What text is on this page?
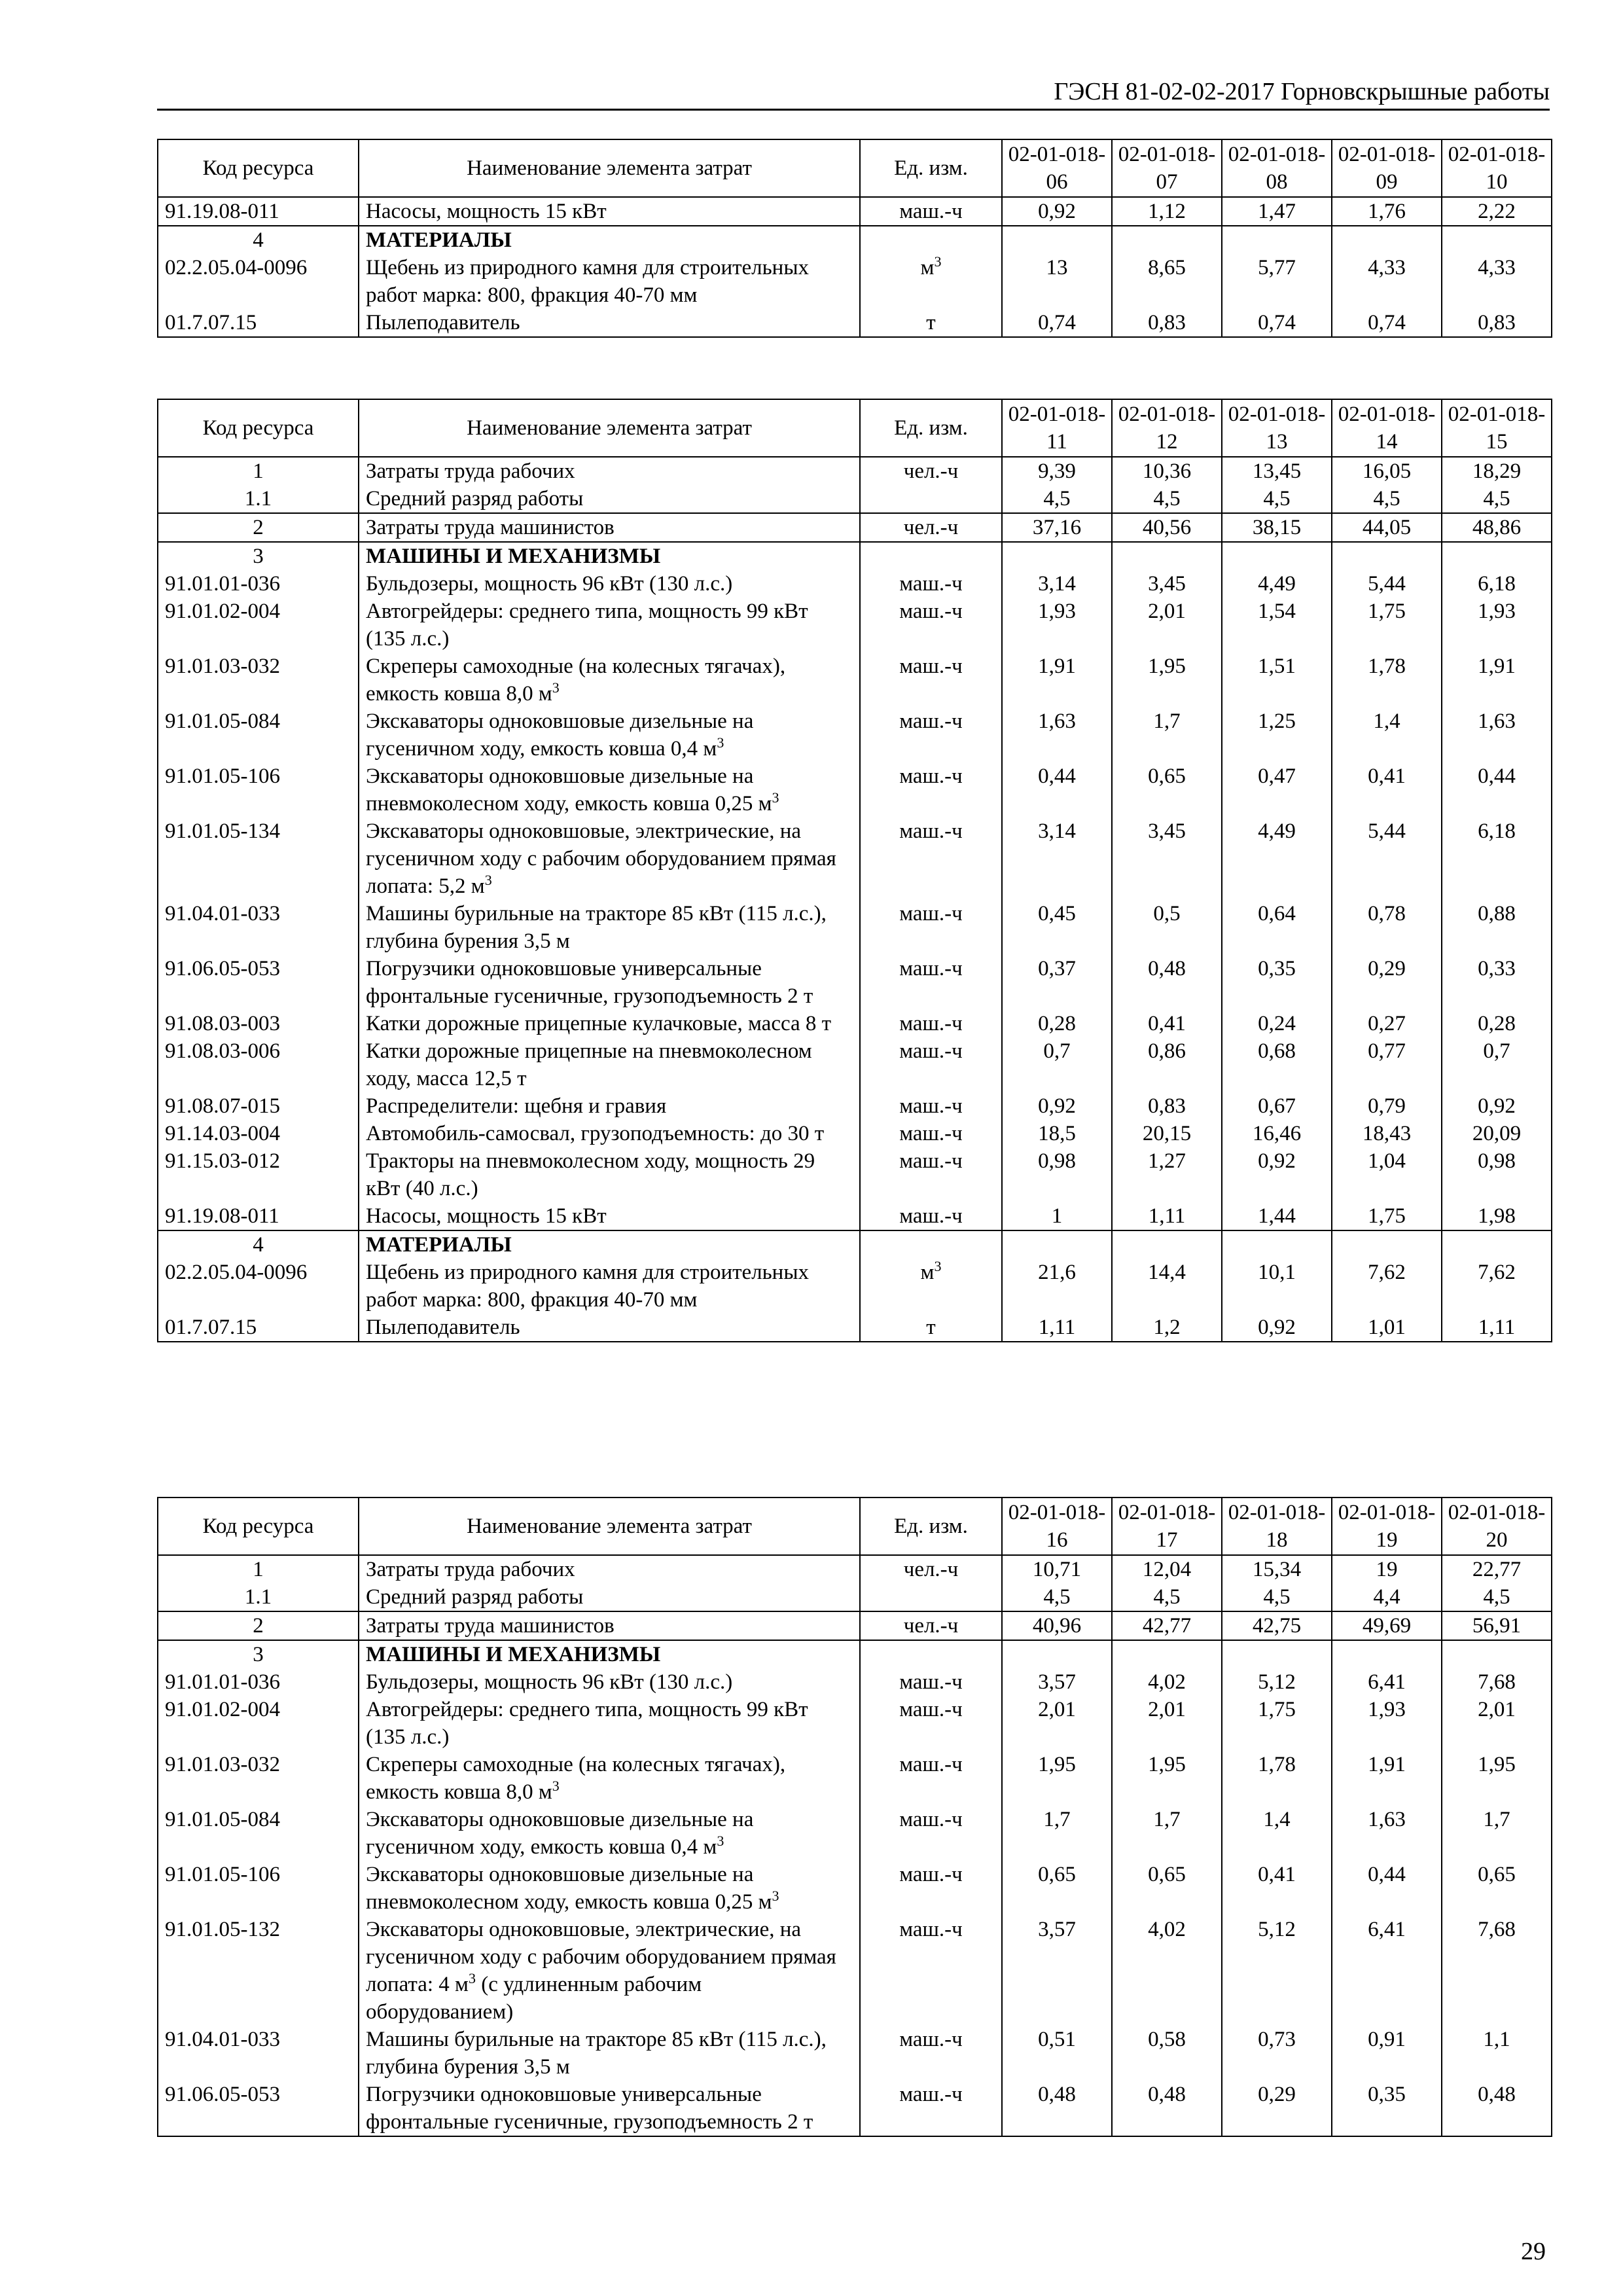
ГЭСН 81-02-02-2017 Горновскрышные работы
Код ресурса	Наименование элемента затрат	Ед. изм.	02-01-018-06	02-01-018-07	02-01-018-08	02-01-018-09	02-01-018-10
91.19.08-011	Насосы, мощность 15 кВт	маш.-ч	0,92	1,12	1,47	1,76	2,22
4	МАТЕРИАЛЫ						
02.2.05.04-0096	Щебень из природного камня для строительных работ марка: 800, фракция 40-70 мм	$м^3$	13	8,65	5,77	4,33	4,33
01.7.07.15	Пылеподавитель	т	0,74	0,83	0,74	0,74	0,83
Код ресурса	Наименование элемента затрат	Ед. изм.	02-01-018-11	02-01-018-12	02-01-018-13	02-01-018-14	02-01-018-15
1	Затраты труда рабочих	чел.-ч	9,39	10,36	13,45	16,05	18,29
1.1	Средний разряд работы		4,5	4,5	4,5	4,5	4,5
2	Затраты труда машинистов	чел.-ч	37,16	40,56	38,15	44,05	48,86
3	МАШИНЫ И МЕХАНИЗМЫ						
91.01.01-036	Бульдозеры, мощность 96 кВт (130 л.с.)	маш.-ч	3,14	3,45	4,49	5,44	6,18
91.01.02-004	Автогрейдеры: среднего типа, мощность 99 кВт (135 л.с.)	маш.-ч	1,93	2,01	1,54	1,75	1,93
91.01.03-032	Скреперы самоходные (на колесных тягачах), емкость ковша 8,0 $м^3$	маш.-ч	1,91	1,95	1,51	1,78	1,91
91.01.05-084	Экскаваторы одноковшовые дизельные на гусеничном ходу, емкость ковша 0,4 $м^3$	маш.-ч	1,63	1,7	1,25	1,4	1,63
91.01.05-106	Экскаваторы одноковшовые дизельные на пневмоколесном ходу, емкость ковша 0,25 $м^3$	маш.-ч	0,44	0,65	0,47	0,41	0,44
91.01.05-134	Экскаваторы одноковшовые, электрические, на гусеничном ходу с рабочим оборудованием прямая лопата: 5,2 $м^3$	маш.-ч	3,14	3,45	4,49	5,44	6,18
91.04.01-033	Машины бурильные на тракторе 85 кВт (115 л.с.), глубина бурения 3,5 м	маш.-ч	0,45	0,5	0,64	0,78	0,88
91.06.05-053	Погрузчики одноковшовые универсальные фронтальные гусеничные, грузоподъемность 2 т	маш.-ч	0,37	0,48	0,35	0,29	0,33
91.08.03-003	Катки дорожные прицепные кулачковые, масса 8 т	маш.-ч	0,28	0,41	0,24	0,27	0,28
91.08.03-006	Катки дорожные прицепные на пневмоколесном ходу, масса 12,5 т	маш.-ч	0,7	0,86	0,68	0,77	0,7
91.08.07-015	Распределители: щебня и гравия	маш.-ч	0,92	0,83	0,67	0,79	0,92
91.14.03-004	Автомобиль-самосвал, грузоподъемность: до 30 т	маш.-ч	18,5	20,15	16,46	18,43	20,09
91.15.03-012	Тракторы на пневмоколесном ходу, мощность 29 кВт (40 л.с.)	маш.-ч	0,98	1,27	0,92	1,04	0,98
91.19.08-011	Насосы, мощность 15 кВт	маш.-ч	1	1,11	1,44	1,75	1,98
4	МАТЕРИАЛЫ						
02.2.05.04-0096	Щебень из природного камня для строительных работ марка: 800, фракция 40-70 мм	$м^3$	21,6	14,4	10,1	7,62	7,62
01.7.07.15	Пылеподавитель	т	1,11	1,2	0,92	1,01	1,11
Код ресурса	Наименование элемента затрат	Ед. изм.	02-01-018-16	02-01-018-17	02-01-018-18	02-01-018-19	02-01-018-20
1	Затраты труда рабочих	чел.-ч	10,71	12,04	15,34	19	22,77
1.1	Средний разряд работы		4,5	4,5	4,5	4,4	4,5
2	Затраты труда машинистов	чел.-ч	40,96	42,77	42,75	49,69	56,91
3	МАШИНЫ И МЕХАНИЗМЫ						
91.01.01-036	Бульдозеры, мощность 96 кВт (130 л.с.)	маш.-ч	3,57	4,02	5,12	6,41	7,68
91.01.02-004	Автогрейдеры: среднего типа, мощность 99 кВт (135 л.с.)	маш.-ч	2,01	2,01	1,75	1,93	2,01
91.01.03-032	Скреперы самоходные (на колесных тягачах), емкость ковша 8,0 $м^3$	маш.-ч	1,95	1,95	1,78	1,91	1,95
91.01.05-084	Экскаваторы одноковшовые дизельные на гусеничном ходу, емкость ковша 0,4 $м^3$	маш.-ч	1,7	1,7	1,4	1,63	1,7
91.01.05-106	Экскаваторы одноковшовые дизельные на пневмоколесном ходу, емкость ковша 0,25 $м^3$	маш.-ч	0,65	0,65	0,41	0,44	0,65
91.01.05-132	Экскаваторы одноковшовые, электрические, на гусеничном ходу с рабочим оборудованием прямая лопата: 4 $м^3$ (с удлиненным рабочим оборудованием)	маш.-ч	3,57	4,02	5,12	6,41	7,68
91.04.01-033	Машины бурильные на тракторе 85 кВт (115 л.с.), глубина бурения 3,5 м	маш.-ч	0,51	0,58	0,73	0,91	1,1
91.06.05-053	Погрузчики одноковшовые универсальные фронтальные гусеничные, грузоподъемность 2 т	маш.-ч	0,48	0,48	0,29	0,35	0,48
29
